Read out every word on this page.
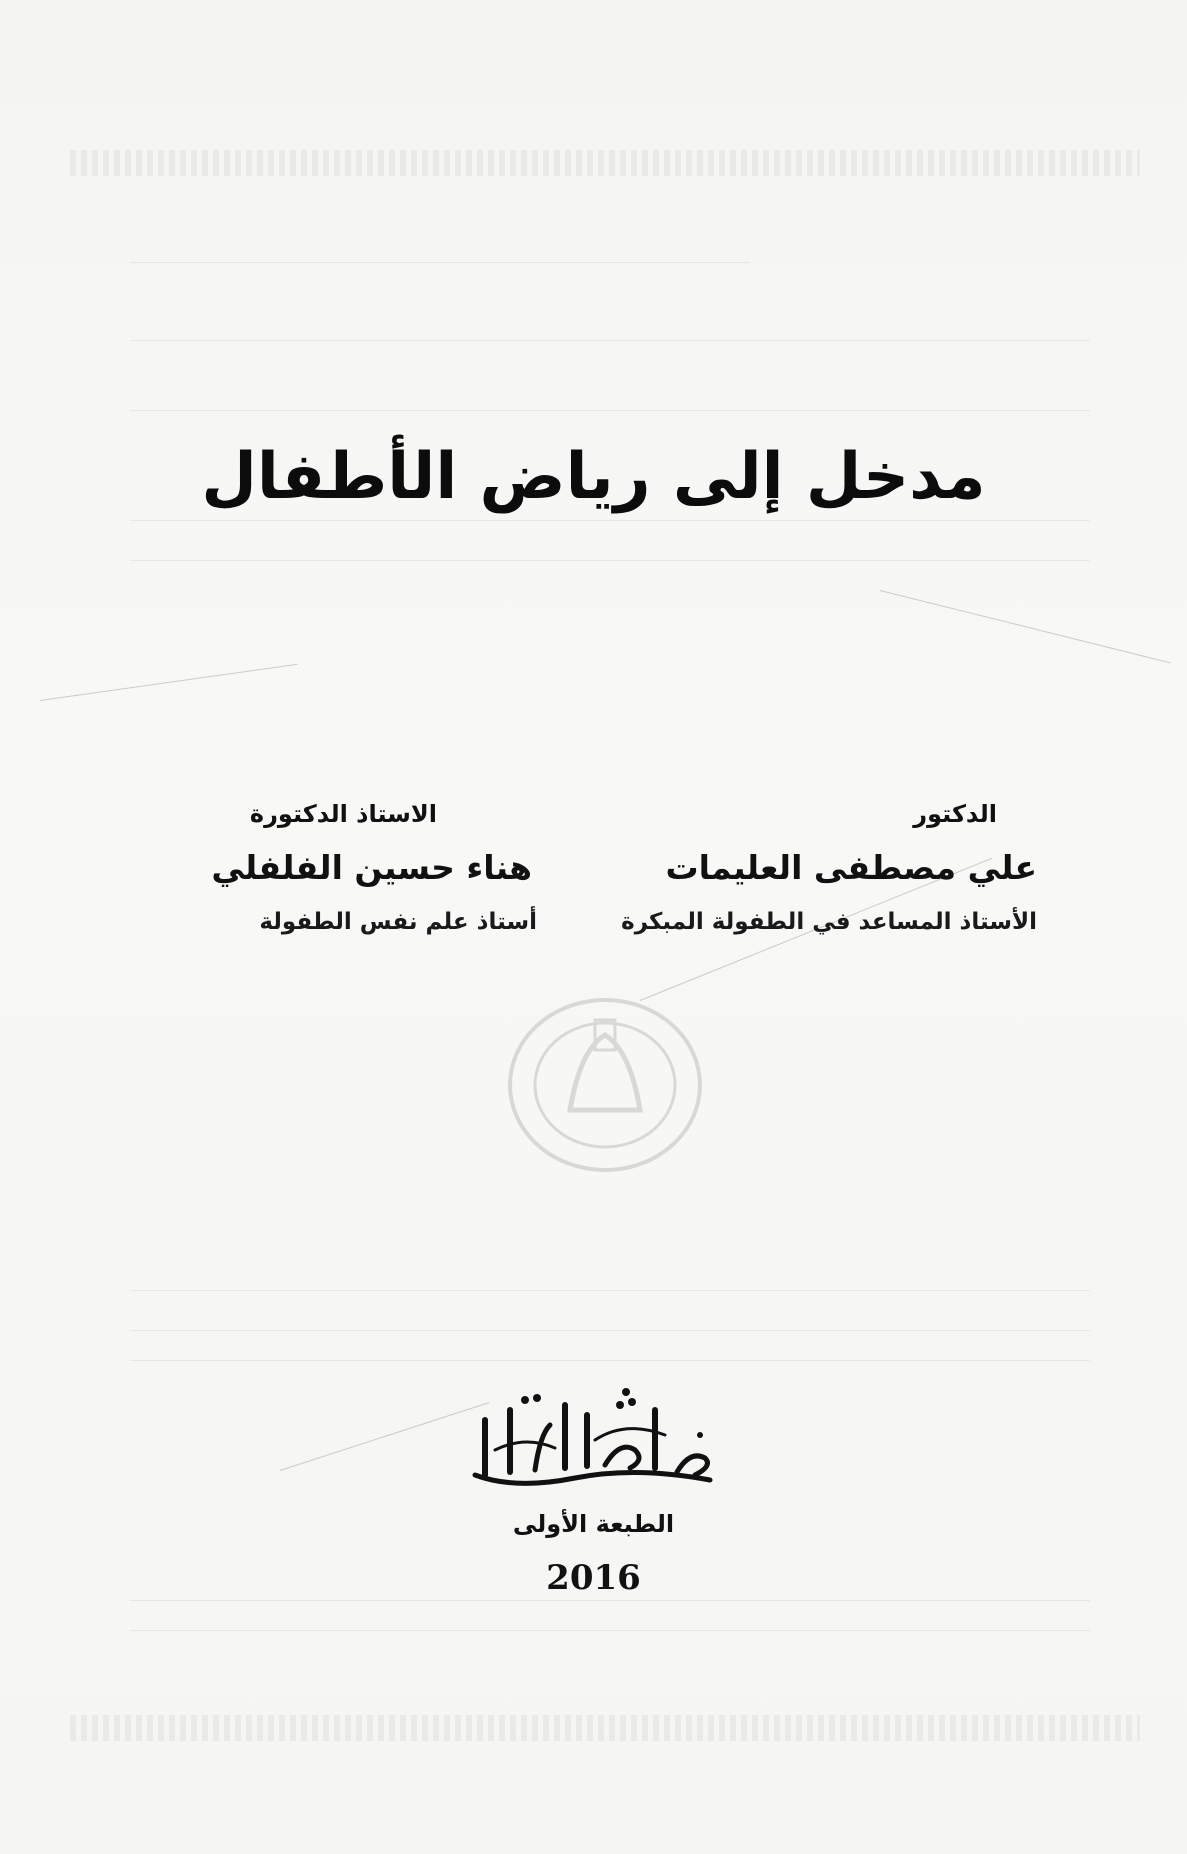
مدخل إلى رياض الأطفال
الدكتور
علي مصطفى العليمات
الأستاذ المساعد في الطفولة المبكرة
الاستاذ الدكتورة
هناء حسين الفلفلي
أستاذ علم نفس الطفولة
الطبعة الأولى
2016
